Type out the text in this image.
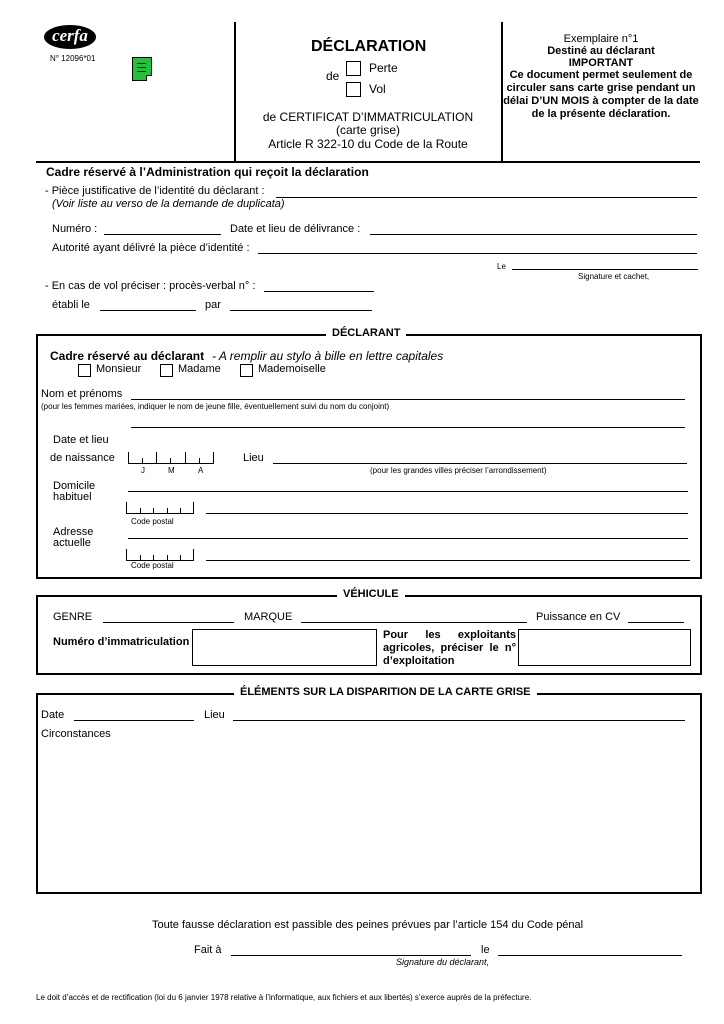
cerfa
N° 12096*01
DÉCLARATION
de
Perte
Vol
de CERTIFICAT D’IMMATRICULATION
(carte grise)
Article R 322-10 du Code de la Route
Exemplaire n°1
Destiné au déclarant
IMPORTANT
Ce document permet seulement de circuler sans carte grise pendant un délai D’UN MOIS à compter de la date de la présente déclaration.
Cadre réservé à l’Administration qui reçoit la déclaration
- Pièce justificative de l’identité du déclarant :
(Voir liste au verso de la demande de duplicata)
Numéro :	Date et lieu de délivrance :
Autorité ayant délivré la pièce d’identité :
Le
Signature et cachet,
- En cas de vol préciser : procès-verbal n° :
établi le	par
DÉCLARANT
Cadre réservé au déclarant - A remplir au stylo à bille en lettre capitales
Monsieur	Madame	Mademoiselle
Nom et prénoms
(pour les femmes mariées, indiquer le nom de jeune fille, éventuellement suivi du nom du conjoint)
Date et lieu
de naissance
J	M	A
Lieu
(pour les grandes villes préciser l’arrondissement)
Domicile
habituel
Code postal
Adresse
actuelle
Code postal
VÉHICULE
GENRE	MARQUE	Puissance en CV
Numéro d’immatriculation
Pour les exploitants agricoles, préciser le n° d’exploitation
ÉLÉMENTS SUR LA DISPARITION DE LA CARTE GRISE
Date	Lieu
Circonstances
Toute fausse déclaration est passible des peines prévues par l’article 154 du Code pénal
Fait à	le
Signature du déclarant,
Le doit d’accès et de rectification (loi du 6 janvier 1978 relative à l’informatique, aux fichiers et aux libertés) s’exerce auprès de la préfecture.
